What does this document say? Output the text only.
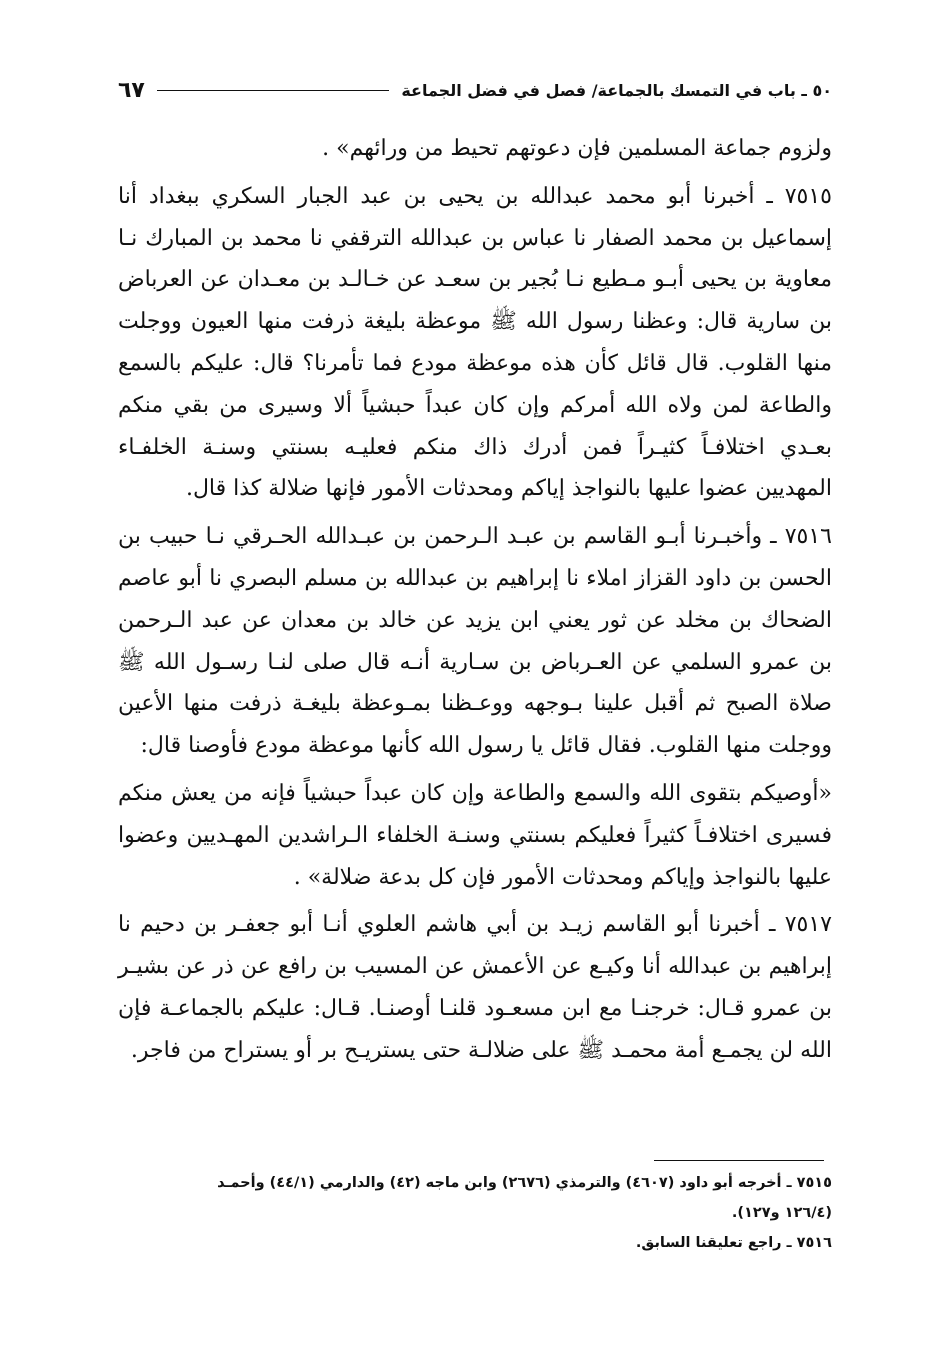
٥٠ ـ باب في التمسك بالجماعة/ فصل في فضل الجماعة
٦٧

ولزوم جماعة المسلمين فإن دعوتهم تحيط من ورائهم» .

٧٥١٥ ـ أخبرنا أبو محمد عبدالله بن يحيى بن عبد الجبار السكري ببغداد أنا إسماعيل بن محمد الصفار نا عباس بن عبدالله الترقفي نا محمد بن المبارك نـا معاوية بن يحيى أبـو مـطيع نـا بُجير بن سعـد عن خـالـد بن معـدان عن العرباض بن سارية قال: وعظنا رسول الله ﷺ موعظة بليغة ذرفت منها العيون ووجلت منها القلوب. قال قائل كأن هذه موعظة مودع فما تأمرنا؟ قال: عليكم بالسمع والطاعة لمن ولاه الله أمركم وإن كان عبداً حبشياً ألا وسيرى من بقي منكم بعـدي اختلافـاً كثيـراً فمن أدرك ذاك منكم فعليـه بسنتي وسنـة الخلفـاء المهديين عضوا عليها بالنواجذ إياكم ومحدثات الأمور فإنها ضلالة كذا قال.

٧٥١٦ ـ وأخبـرنا أبـو القاسم بن عبـد الـرحمن بن عبـدالله الحـرقي نـا حبيب بن الحسن بن داود القزاز املاء نا إبراهيم بن عبدالله بن مسلم البصري نا أبو عاصم الضحاك بن مخلد عن ثور يعني ابن يزيد عن خالد بن معدان عن عبد الـرحمن بن عمرو السلمي عن العـرباض بن سـارية أنـه قال صلى لنـا رسـول الله ﷺ صلاة الصبح ثم أقبل علينا بـوجهه ووعـظنا بمـوعظة بليغـة ذرفت منها الأعين ووجلت منها القلوب. فقال قائل يا رسول الله كأنها موعظة مودع فأوصنا قال:

«أوصيكم بتقوى الله والسمع والطاعة وإن كان عبداً حبشياً فإنه من يعش منكم فسيرى اختلافـاً كثيراً فعليكم بسنتي وسنـة الخلفاء الـراشدين المهـديين وعضوا عليها بالنواجذ وإياكم ومحدثات الأمور فإن كل بدعة ضلالة» .

٧٥١٧ ـ أخبرنا أبو القاسم زيـد بن أبي هاشم العلوي أنـا أبو جعفـر بن دحيم نا إبراهيم بن عبدالله أنا وكيـع عن الأعمش عن المسيب بن رافع عن ذر عن بشيـر بن عمرو قـال: خرجنـا مع ابن مسعـود قلنـا أوصنـا. قـال: عليكم بالجماعـة فإن الله لن يجمـع أمة محمـد ﷺ على ضلالـة حتى يستريـح بر أو يستراح من فاجر.

٧٥١٥ ـ أخرجه أبو داود (٤٦٠٧) والترمذي (٢٦٧٦) وابن ماجه (٤٢) والدارمي (٤٤/١) وأحمـد

(١٢٦/٤ و١٢٧).

٧٥١٦ ـ راجع تعليقنا السابق.
